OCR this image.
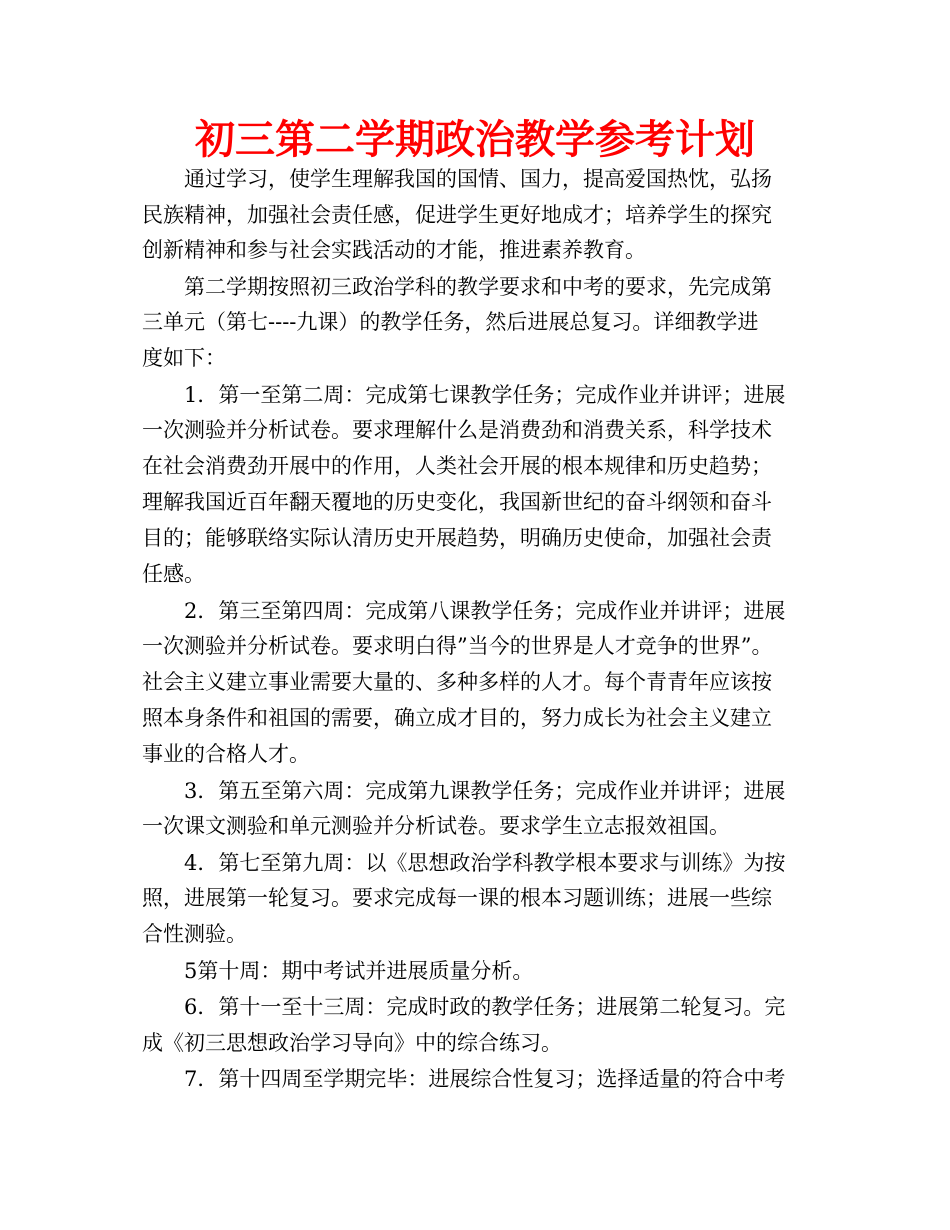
初三第二学期政治教学参考计划
通过学习，使学生理解我国的国情、国力，提高爱国热忱，弘扬
民族精神，加强社会责任感，促进学生更好地成才；培养学生的探究
创新精神和参与社会实践活动的才能，推进素养教育。
第二学期按照初三政治学科的教学要求和中考的要求，先完成第
三单元（第七----九课）的教学任务，然后进展总复习。详细教学进
度如下：
1．第一至第二周：完成第七课教学任务；完成作业并讲评；进展
一次测验并分析试卷。要求理解什么是消费劲和消费关系，科学技术
在社会消费劲开展中的作用，人类社会开展的根本规律和历史趋势；
理解我国近百年翻天覆地的历史变化，我国新世纪的奋斗纲领和奋斗
目的；能够联络实际认清历史开展趋势，明确历史使命，加强社会责
任感。
2．第三至第四周：完成第八课教学任务；完成作业并讲评；进展
一次测验并分析试卷。要求明白得”当今的世界是人才竞争的世界”。
社会主义建立事业需要大量的、多种多样的人才。每个青青年应该按
照本身条件和祖国的需要，确立成才目的，努力成长为社会主义建立
事业的合格人才。
3．第五至第六周：完成第九课教学任务；完成作业并讲评；进展
一次课文测验和单元测验并分析试卷。要求学生立志报效祖国。
4．第七至第九周：以《思想政治学科教学根本要求与训练》为按
照，进展第一轮复习。要求完成每一课的根本习题训练；进展一些综
合性测验。
5第十周：期中考试并进展质量分析。
6．第十一至十三周：完成时政的教学任务；进展第二轮复习。完
成《初三思想政治学习导向》中的综合练习。
7．第十四周至学期完毕：进展综合性复习；选择适量的符合中考
